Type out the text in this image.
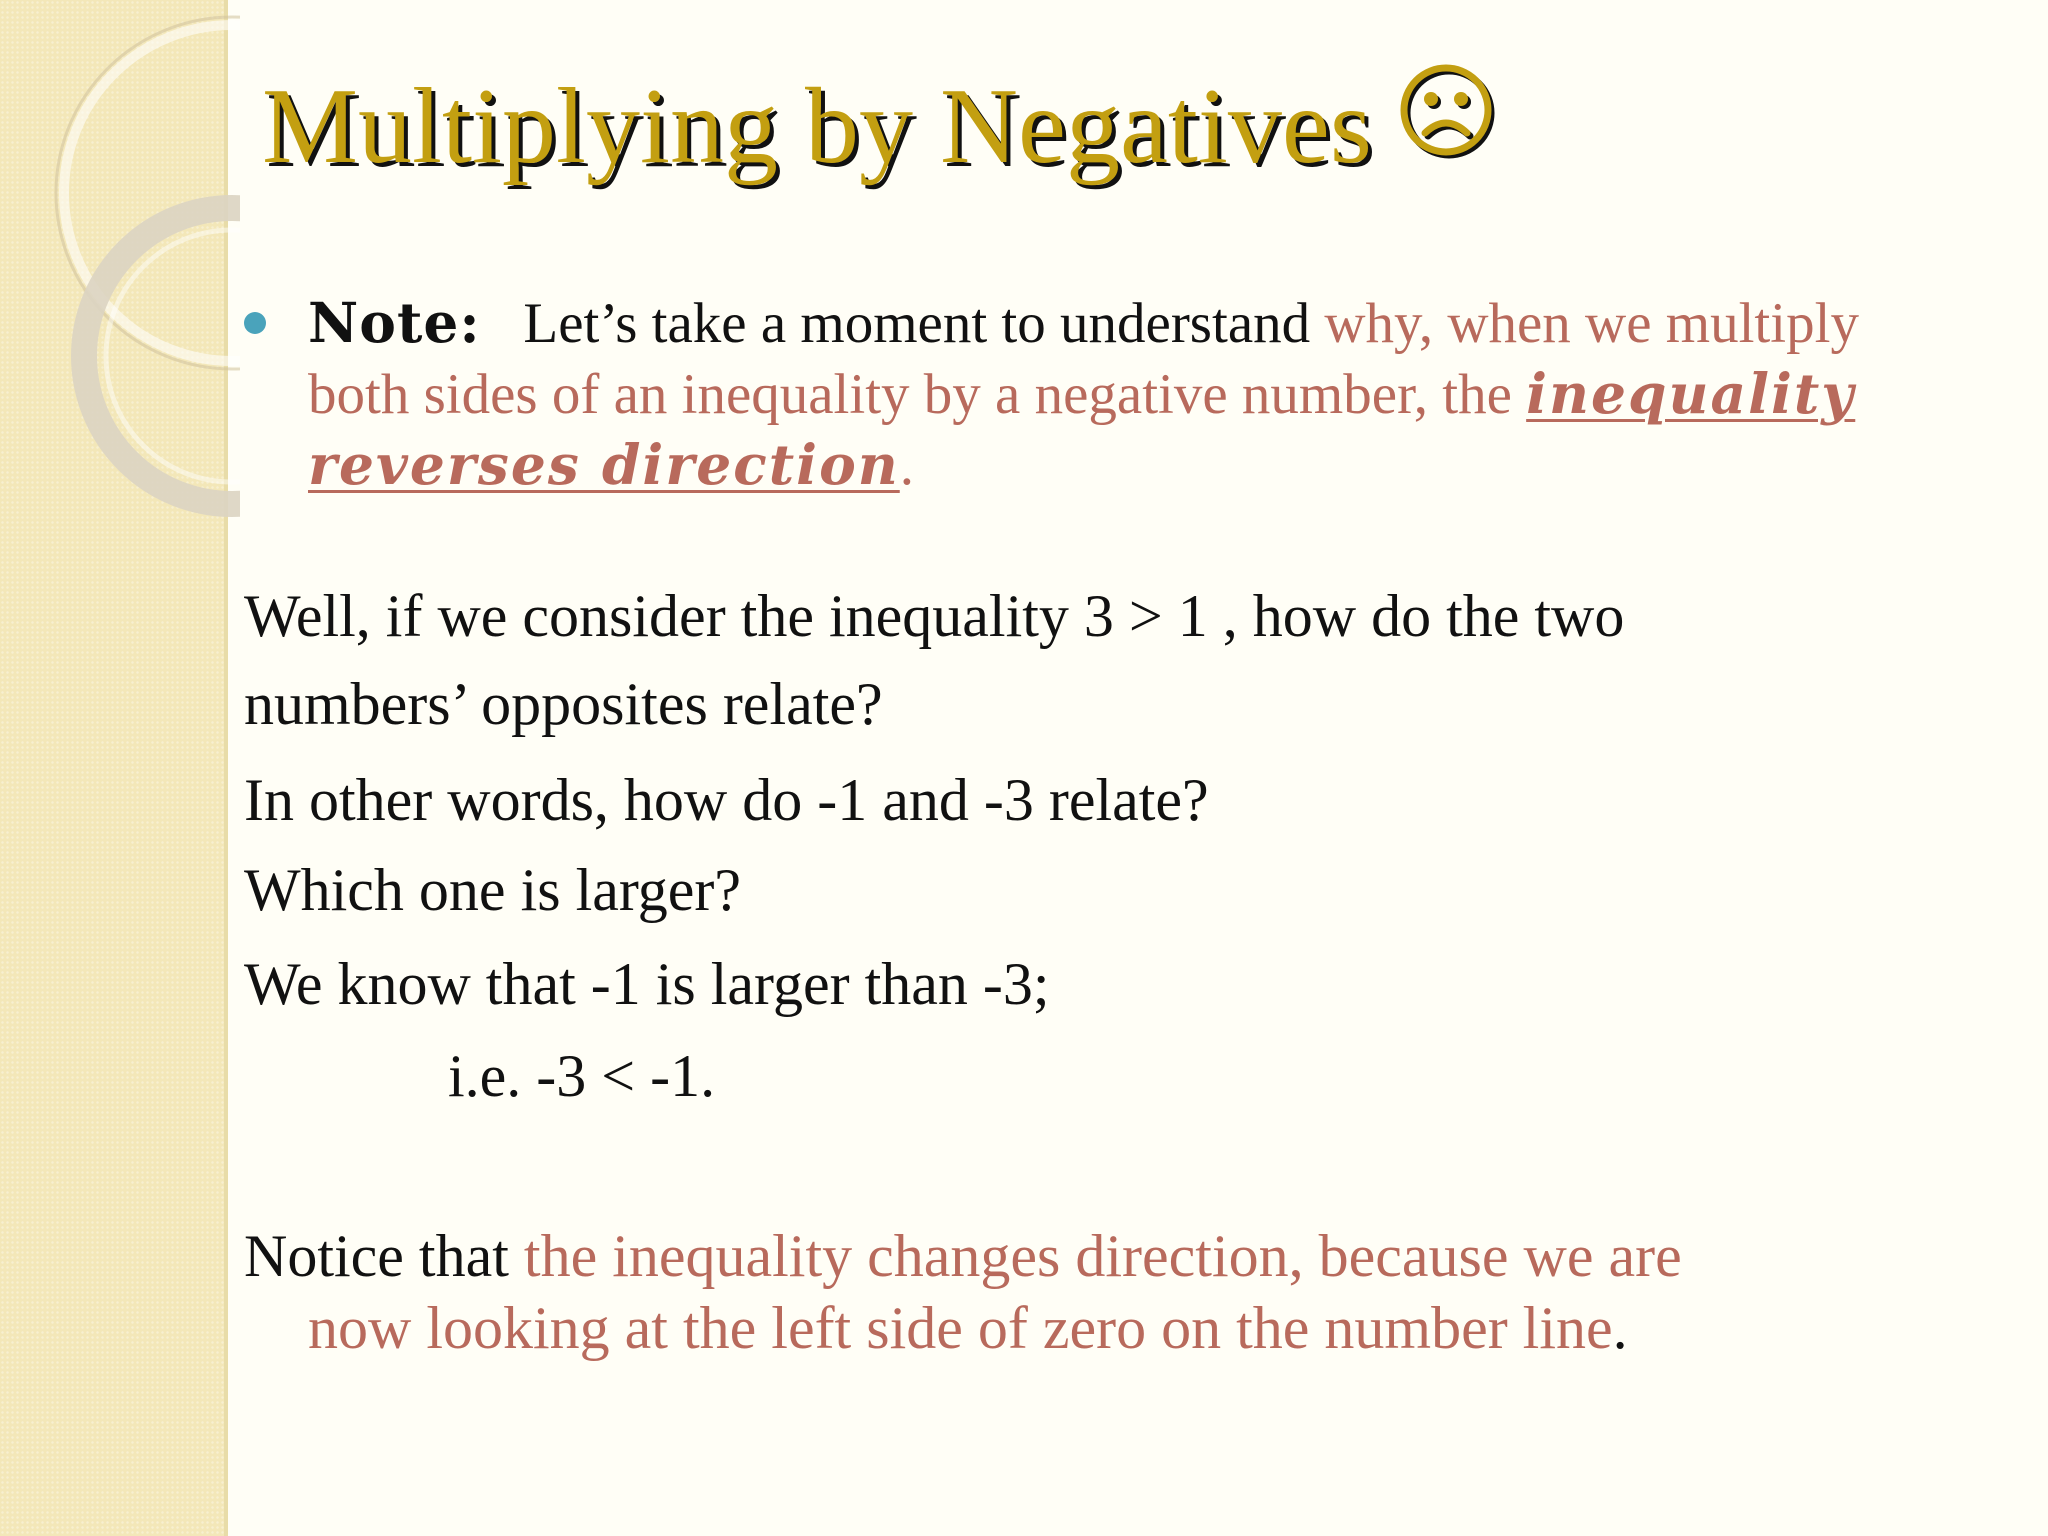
Multiplying by Negatives
Note: Let’s take a moment to understand why, when we multiply both sides of an inequality by a negative number, the inequality reverses direction.

Well, if we consider the inequality 3 > 1 , how do the two

numbers’ opposites relate?

In other words, how do -1 and -3 relate?

Which one is larger?

We know that -1 is larger than -3;

i.e. -3 < -1.

Notice that the inequality changes direction, because we are
now looking at the left side of zero on the number line.
